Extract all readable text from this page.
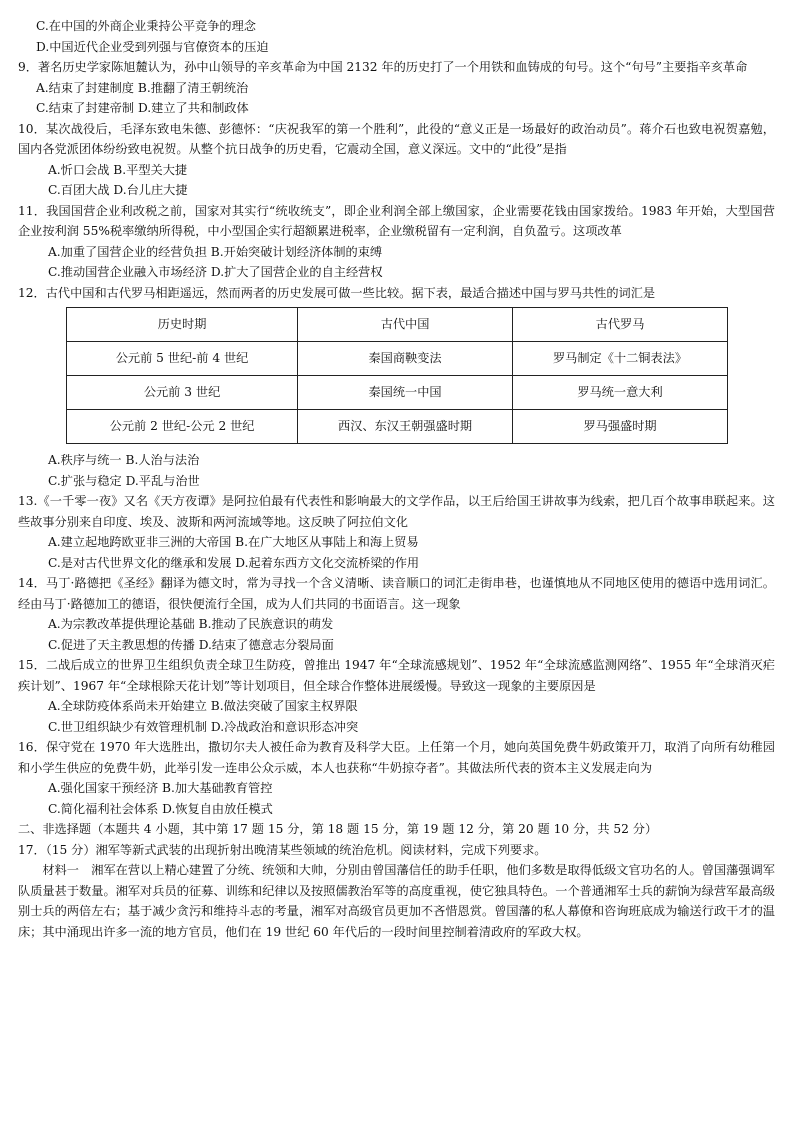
C.在中国的外商企业秉持公平竞争的理念
D.中国近代企业受到列强与官僚资本的压迫
9．著名历史学家陈旭麓认为，孙中山领导的辛亥革命为中国 2132 年的历史打了一个用铁和血铸成的句号。这个“句号”主要指辛亥革命
A.结束了封建制度 B.推翻了清王朝统治
C.结束了封建帝制 D.建立了共和制政体
10．某次战役后，毛泽东致电朱德、彭德怀：“庆祝我军的第一个胜利”，此役的“意义正是一场最好的政治动员”。蒋介石也致电祝贺嘉勉，国内各党派团体纷纷致电祝贺。从整个抗日战争的历史看，它震动全国，意义深远。文中的“此役”是指
A.忻口会战 B.平型关大捷
C.百团大战 D.台儿庄大捷
11．我国国营企业利改税之前，国家对其实行“统收统支”，即企业利润全部上缴国家，企业需要花钱由国家拨给。1983 年开始，大型国营企业按利润 55%税率缴纳所得税，中小型国企实行超额累进税率，企业缴税留有一定利润，自负盈亏。这项改革
A.加重了国营企业的经营负担 B.开始突破计划经济体制的束缚
C.推动国营企业融入市场经济 D.扩大了国营企业的自主经营权
12．古代中国和古代罗马相距遥远，然而两者的历史发展可做一些比较。据下表，最适合描述中国与罗马共性的词汇是
历史时期	古代中国	古代罗马
公元前 5 世纪-前 4 世纪	秦国商鞅变法	罗马制定《十二铜表法》
公元前 3 世纪	秦国统一中国	罗马统一意大利
公元前 2 世纪-公元 2 世纪	西汉、东汉王朝强盛时期	罗马强盛时期
A.秩序与统一 B.人治与法治
C.扩张与稳定 D.平乱与治世
13.《一千零一夜》又名《天方夜谭》是阿拉伯最有代表性和影响最大的文学作品，以王后给国王讲故事为线索，把几百个故事串联起来。这些故事分别来自印度、埃及、波斯和两河流域等地。这反映了阿拉伯文化
A.建立起地跨欧亚非三洲的大帝国 B.在广大地区从事陆上和海上贸易
C.是对古代世界文化的继承和发展 D.起着东西方文化交流桥梁的作用
14．马丁·路德把《圣经》翻译为德文时，常为寻找一个含义清晰、读音顺口的词汇走街串巷，也谨慎地从不同地区使用的德语中选用词汇。经由马丁·路德加工的德语，很快便流行全国，成为人们共同的书面语言。这一现象
A.为宗教改革提供理论基础 B.推动了民族意识的萌发
C.促进了天主教思想的传播 D.结束了德意志分裂局面
15．二战后成立的世界卫生组织负责全球卫生防疫，曾推出 1947 年“全球流感规划”、1952 年“全球流感监测网络”、1955 年“全球消灭疟疾计划”、1967 年“全球根除天花计划”等计划项目，但全球合作整体进展缓慢。导致这一现象的主要原因是
A.全球防疫体系尚未开始建立 B.做法突破了国家主权界限
C.世卫组织缺少有效管理机制 D.冷战政治和意识形态冲突
16．保守党在 1970 年大选胜出，撒切尔夫人被任命为教育及科学大臣。上任第一个月，她向英国免费牛奶政策开刀，取消了向所有幼稚园和小学生供应的免费牛奶，此举引发一连串公众示威，本人也获称“牛奶掠夺者”。其做法所代表的资本主义发展走向为
A.强化国家干预经济 B.加大基础教育管控
C.简化福利社会体系 D.恢复自由放任模式
二、非选择题（本题共 4 小题，其中第 17 题 15 分，第 18 题 15 分，第 19 题 12 分，第 20 题 10 分，共 52 分）
17．（15 分）湘军等新式武装的出现折射出晚清某些领域的统治危机。阅读材料，完成下列要求。
材料一　湘军在营以上精心建置了分统、统领和大帅，分别由曾国藩信任的助手任职，他们多数是取得低级文官功名的人。曾国藩强调军队质量甚于数量。湘军对兵员的征募、训练和纪律以及按照儒教治军等的高度重视，使它独具特色。一个普通湘军士兵的薪饷为绿营军最高级别士兵的两倍左右；基于减少贪污和维持斗志的考量，湘军对高级官员更加不吝惜恩赏。曾国藩的私人幕僚和咨询班底成为输送行政干才的温床；其中涌现出许多一流的地方官员，他们在 19 世纪 60 年代后的一段时间里控制着清政府的军政大权。
